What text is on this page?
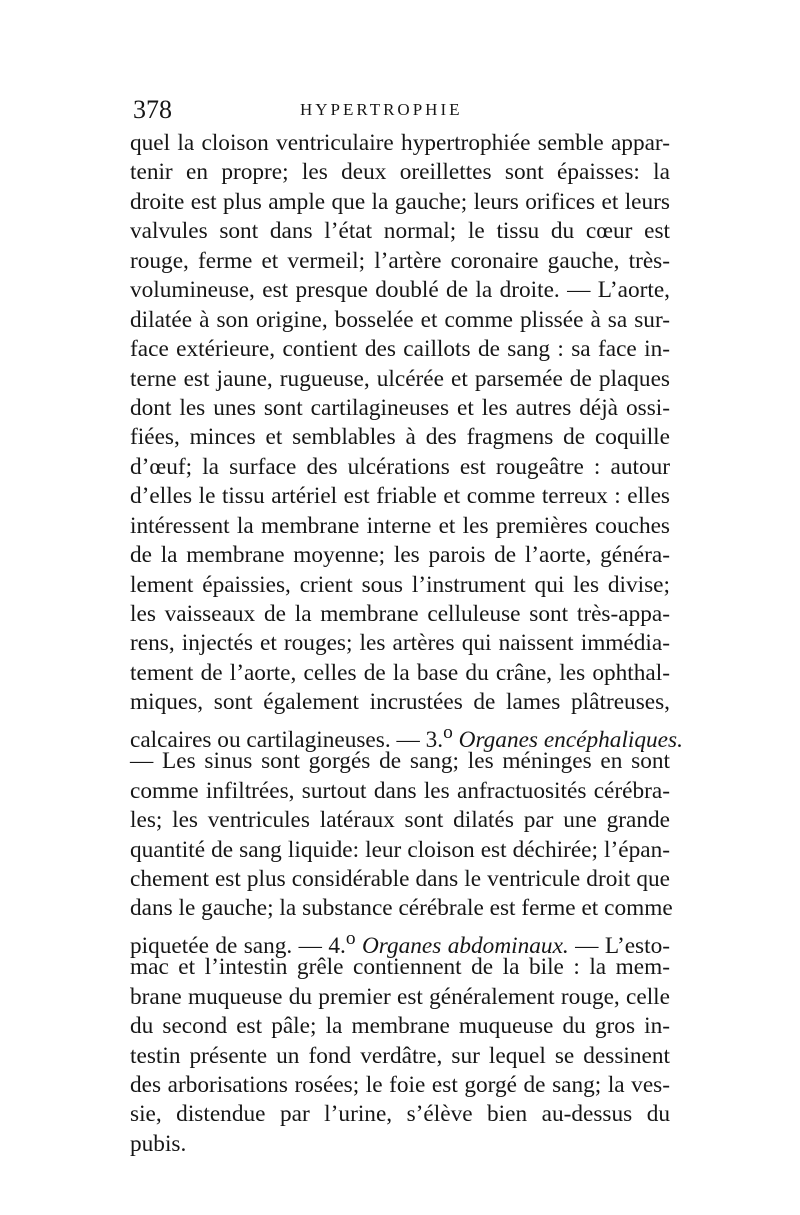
378	HYPERTROPHIE
quel la cloison ventriculaire hypertrophiée semble appar-
tenir en propre; les deux oreillettes sont épaisses: la
droite est plus ample que la gauche; leurs orifices et leurs
valvules sont dans l’état normal; le tissu du cœur est
rouge, ferme et vermeil; l’artère coronaire gauche, très-
volumineuse, est presque doublé de la droite. — L’aorte,
dilatée à son origine, bosselée et comme plissée à sa sur-
face extérieure, contient des caillots de sang : sa face in-
terne est jaune, rugueuse, ulcérée et parsemée de plaques
dont les unes sont cartilagineuses et les autres déjà ossi-
fiées, minces et semblables à des fragmens de coquille
d’œuf; la surface des ulcérations est rougeâtre : autour
d’elles le tissu artériel est friable et comme terreux : elles
intéressent la membrane interne et les premières couches
de la membrane moyenne; les parois de l’aorte, généra-
lement épaissies, crient sous l’instrument qui les divise;
les vaisseaux de la membrane celluleuse sont très-appa-
rens, injectés et rouges; les artères qui naissent immédia-
tement de l’aorte, celles de la base du crâne, les ophthal-
miques, sont également incrustées de lames plâtreuses,
calcaires ou cartilagineuses. — 3.$^o$ Organes encéphaliques.
— Les sinus sont gorgés de sang; les méninges en sont
comme infiltrées, surtout dans les anfractuosités cérébra-
les; les ventricules latéraux sont dilatés par une grande
quantité de sang liquide: leur cloison est déchirée; l’épan-
chement est plus considérable dans le ventricule droit que
dans le gauche; la substance cérébrale est ferme et comme
piquetée de sang. — 4.$^o$ Organes abdominaux. — L’esto-
mac et l’intestin grêle contiennent de la bile : la mem-
brane muqueuse du premier est généralement rouge, celle
du second est pâle; la membrane muqueuse du gros in-
testin présente un fond verdâtre, sur lequel se dessinent
des arborisations rosées; le foie est gorgé de sang; la ves-
sie, distendue par l’urine, s’élève bien au-dessus du
pubis.
